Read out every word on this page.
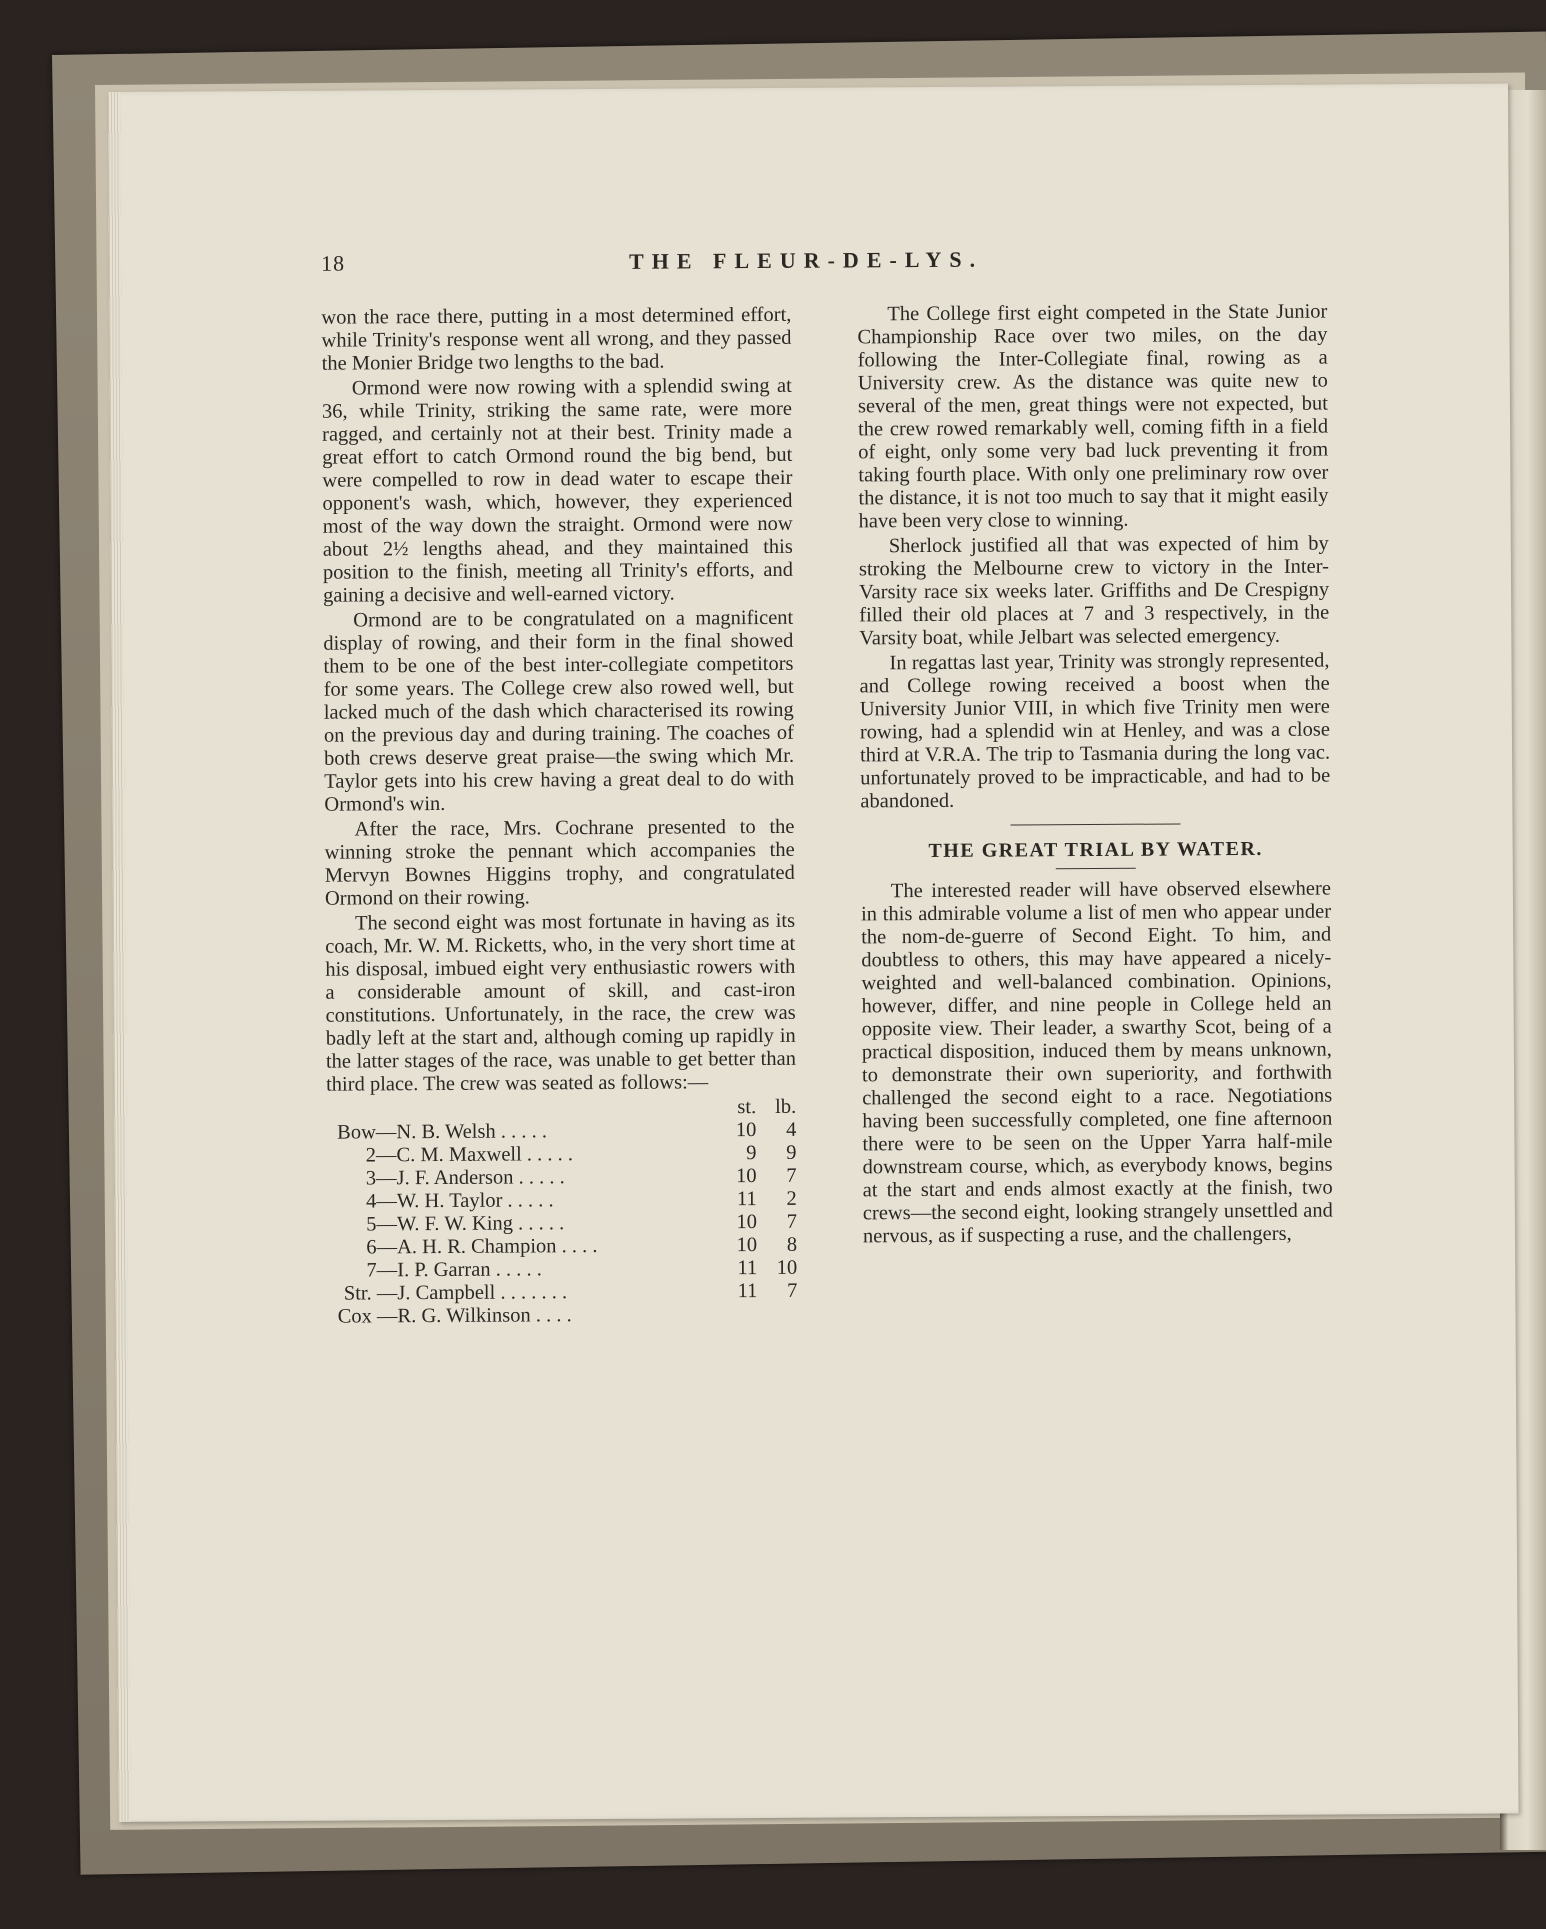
18	THE FLEUR-DE-LYS.

won the race there, putting in a most determined effort, while Trinity's response went all wrong, and they passed the Monier Bridge two lengths to the bad.

Ormond were now rowing with a splendid swing at 36, while Trinity, striking the same rate, were more ragged, and certainly not at their best. Trinity made a great effort to catch Ormond round the big bend, but were compelled to row in dead water to escape their opponent's wash, which, however, they experienced most of the way down the straight. Ormond were now about 2½ lengths ahead, and they maintained this position to the finish, meeting all Trinity's efforts, and gaining a decisive and well-earned victory.

Ormond are to be congratulated on a magnificent display of rowing, and their form in the final showed them to be one of the best inter-collegiate competitors for some years. The College crew also rowed well, but lacked much of the dash which characterised its rowing on the previous day and during training. The coaches of both crews deserve great praise—the swing which Mr. Taylor gets into his crew having a great deal to do with Ormond's win.

After the race, Mrs. Cochrane presented to the winning stroke the pennant which accompanies the Mervyn Bownes Higgins trophy, and congratulated Ormond on their rowing.

The second eight was most fortunate in having as its coach, Mr. W. M. Ricketts, who, in the very short time at his disposal, imbued eight very enthusiastic rowers with a considerable amount of skill, and cast-iron constitutions. Unfortunately, in the race, the crew was badly left at the start and, although coming up rapidly in the latter stages of the race, was unable to get better than third place. The crew was seated as follows:—

		st.	lb.
Bow—	N. B. Welsh . . . . .	10	4
2—	C. M. Maxwell . . . . .	9	9
3—	J. F. Anderson . . . . .	10	7
4—	W. H. Taylor . . . . .	11	2
5—	W. F. W. King . . . . .	10	7
6—	A. H. R. Champion . . . .	10	8
7—	I. P. Garran . . . . .	11	10
Str. —	J. Campbell . . . . . . .	11	7
Cox —	R. G. Wilkinson . . . .		

The College first eight competed in the State Junior Championship Race over two miles, on the day following the Inter-Collegiate final, rowing as a University crew. As the distance was quite new to several of the men, great things were not expected, but the crew rowed remarkably well, coming fifth in a field of eight, only some very bad luck preventing it from taking fourth place. With only one preliminary row over the distance, it is not too much to say that it might easily have been very close to winning.

Sherlock justified all that was expected of him by stroking the Melbourne crew to victory in the Inter-Varsity race six weeks later. Griffiths and De Crespigny filled their old places at 7 and 3 respectively, in the Varsity boat, while Jelbart was selected emergency.

In regattas last year, Trinity was strongly represented, and College rowing received a boost when the University Junior VIII, in which five Trinity men were rowing, had a splendid win at Henley, and was a close third at V.R.A. The trip to Tasmania during the long vac. unfortunately proved to be impracticable, and had to be abandoned.

THE GREAT TRIAL BY WATER.

The interested reader will have observed elsewhere in this admirable volume a list of men who appear under the nom-de-guerre of Second Eight. To him, and doubtless to others, this may have appeared a nicely-weighted and well-balanced combination. Opinions, however, differ, and nine people in College held an opposite view. Their leader, a swarthy Scot, being of a practical disposition, induced them by means unknown, to demonstrate their own superiority, and forthwith challenged the second eight to a race. Negotiations having been successfully completed, one fine afternoon there were to be seen on the Upper Yarra half-mile downstream course, which, as everybody knows, begins at the start and ends almost exactly at the finish, two crews—the second eight, looking strangely unsettled and nervous, as if suspecting a ruse, and the challengers,
